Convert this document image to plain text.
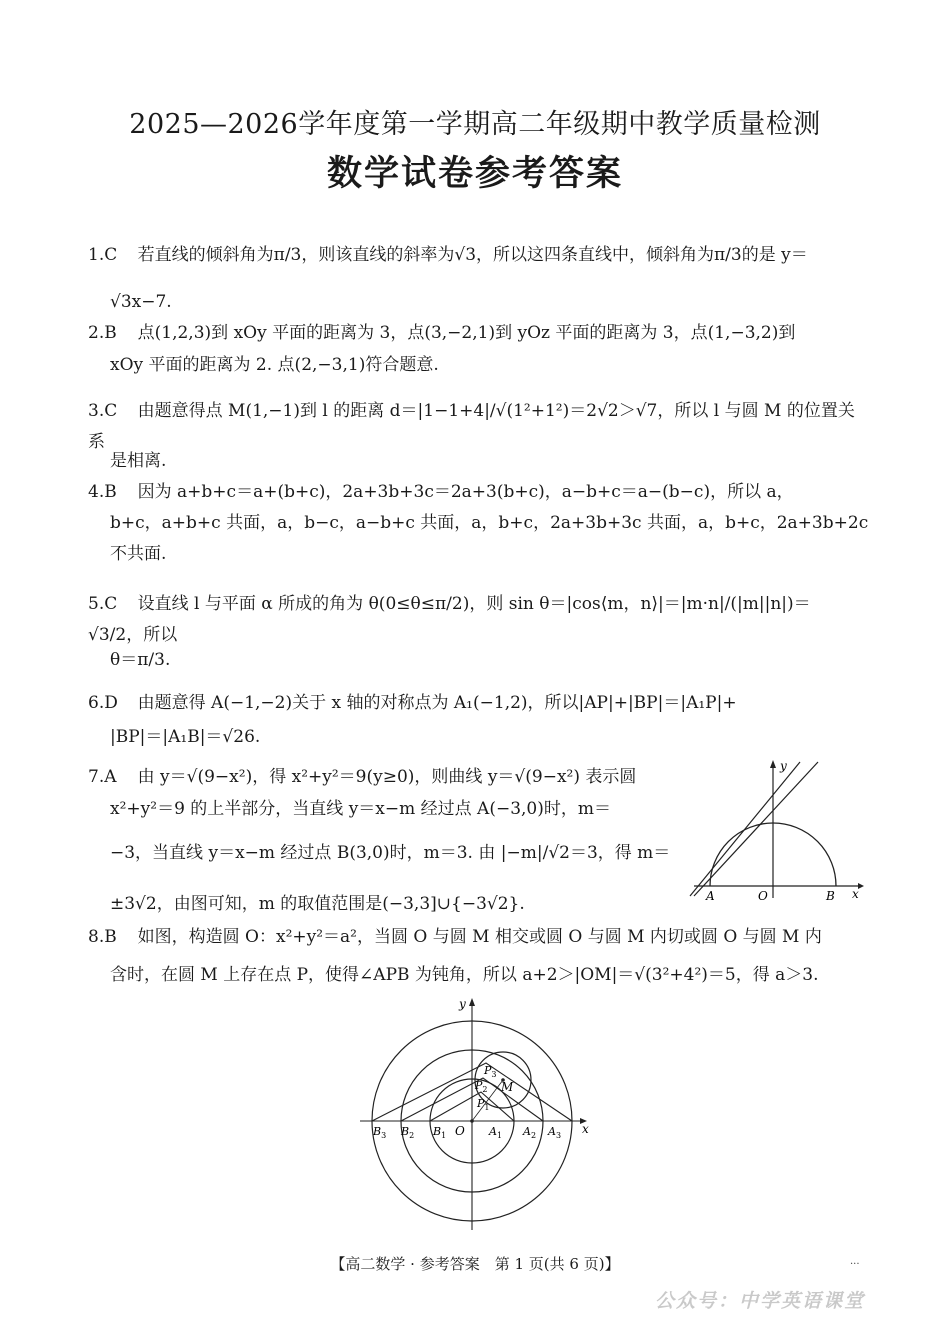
2025—2026学年度第一学期高二年级期中教学质量检测
数学试卷参考答案
1.C 若直线的倾斜角为π/3，则该直线的斜率为√3，所以这四条直线中，倾斜角为π/3的是 y＝
√3x−7.
2.B 点(1,2,3)到 xOy 平面的距离为 3，点(3,−2,1)到 yOz 平面的距离为 3，点(1,−3,2)到
xOy 平面的距离为 2. 点(2,−3,1)符合题意.
3.C 由题意得点 M(1,−1)到 l 的距离 d＝|1−1+4|/√(1²+1²)＝2√2＞√7，所以 l 与圆 M 的位置关系
是相离.
4.B 因为 a+b+c＝a+(b+c)，2a+3b+3c＝2a+3(b+c)，a−b+c＝a−(b−c)，所以 a，
b+c，a+b+c 共面，a，b−c，a−b+c 共面，a，b+c，2a+3b+3c 共面，a，b+c，2a+3b+2c
不共面.
5.C 设直线 l 与平面 α 所成的角为 θ(0≤θ≤π/2)，则 sin θ＝|cos⟨m，n⟩|＝|m·n|/(|m||n|)＝√3/2，所以
θ＝π/3.
6.D 由题意得 A(−1,−2)关于 x 轴的对称点为 A₁(−1,2)，所以|AP|+|BP|＝|A₁P|+
|BP|＝|A₁B|＝√26.
7.A 由 y＝√(9−x²)，得 x²+y²＝9(y≥0)，则曲线 y＝√(9−x²) 表示圆
x²+y²＝9 的上半部分，当直线 y＝x−m 经过点 A(−3,0)时，m＝
−3，当直线 y＝x−m 经过点 B(3,0)时，m＝3. 由 |−m|/√2＝3，得 m＝
±3√2，由图可知，m 的取值范围是(−3,3]∪{−3√2}.
y
x
A	O	B
8.B 如图，构造圆 O：x²+y²＝a²，当圆 O 与圆 M 相交或圆 O 与圆 M 内切或圆 O 与圆 M 内
含时，在圆 M 上存在点 P，使得∠APB 为钝角，所以 a+2＞|OM|＝√(3²+4²)＝5，得 a＞3.
y
x
O
M
$P_3$
$P_2$
$P_1$
$B_3$ $B_2$ $B_1$	$A_1$ $A_2$ $A_3$
【高二数学 · 参考答案　第 1 页(共 6 页)】	...
公众号：中学英语课堂
